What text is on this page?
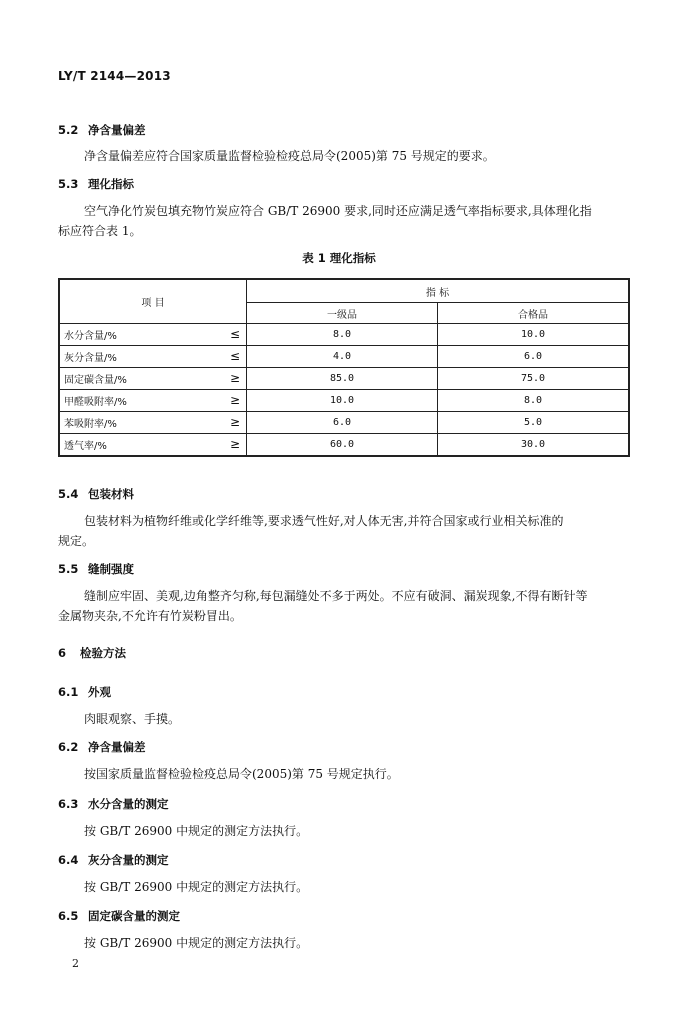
LY/T 2144—2013
5.2 净含量偏差
净含量偏差应符合国家质量监督检验检疫总局令(2005)第 75 号规定的要求。
5.3 理化指标
空气净化竹炭包填充物竹炭应符合 GB/T 26900 要求,同时还应满足透气率指标要求,具体理化指
标应符合表 1。
表 1 理化指标
项 目	指 标	
	一级品	合格品
水分含量/% ≤	8.0	10.0
灰分含量/% ≤	4.0	6.0
固定碳含量/% ≥	85.0	75.0
甲醛吸附率/% ≥	10.0	8.0
苯吸附率/% ≥	6.0	5.0
透气率/% ≥	60.0	30.0
5.4 包装材料
包装材料为植物纤维或化学纤维等,要求透气性好,对人体无害,并符合国家或行业相关标准的
规定。
5.5 缝制强度
缝制应牢固、美观,边角整齐匀称,每包漏缝处不多于两处。不应有破洞、漏炭现象,不得有断针等
金属物夹杂,不允许有竹炭粉冒出。
6 检验方法
6.1 外观
肉眼观察、手摸。
6.2 净含量偏差
按国家质量监督检验检疫总局令(2005)第 75 号规定执行。
6.3 水分含量的测定
按 GB/T 26900 中规定的测定方法执行。
6.4 灰分含量的测定
按 GB/T 26900 中规定的测定方法执行。
6.5 固定碳含量的测定
按 GB/T 26900 中规定的测定方法执行。
2
